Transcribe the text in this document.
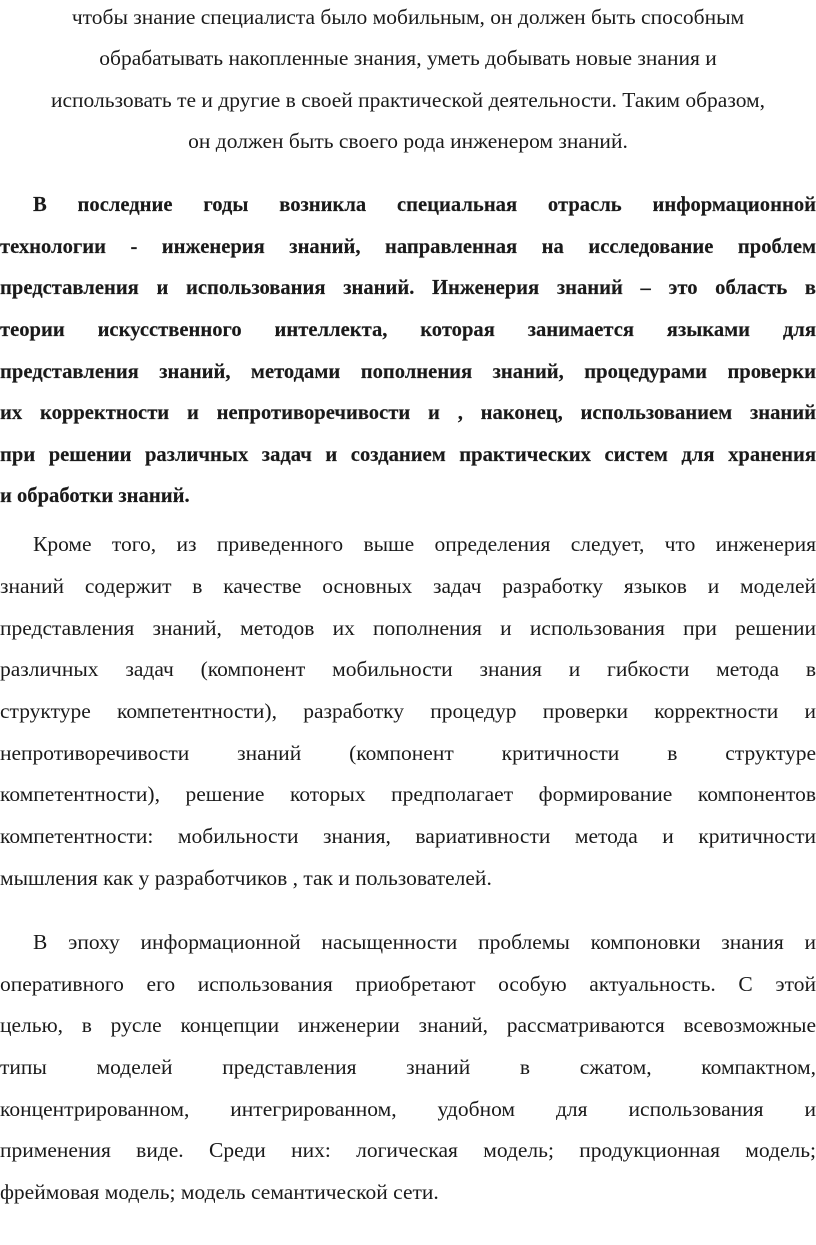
чтобы знание специалиста было мобильным, он должен быть способным
обрабатывать накопленные знания, уметь добывать новые знания и
использовать те и другие в своей практической деятельности. Таким образом,
он должен быть своего рода инженером знаний.
В последние годы возникла специальная отрасль информационной
технологии - инженерия знаний, направленная на исследование проблем
представления и использования знаний. Инженерия знаний – это область в
теории искусственного интеллекта, которая занимается языками для
представления знаний, методами пополнения знаний, процедурами проверки
их корректности и непротиворечивости и , наконец, использованием знаний
при решении различных задач и созданием практических систем для хранения
и обработки знаний.
Кроме того, из приведенного выше определения следует, что инженерия
знаний содержит в качестве основных задач разработку языков и моделей
представления знаний, методов их пополнения и использования при решении
различных задач (компонент мобильности знания и гибкости метода в
структуре компетентности), разработку процедур проверки корректности и
непротиворечивости знаний (компонент критичности в структуре
компетентности), решение которых предполагает формирование компонентов
компетентности: мобильности знания, вариативности метода и критичности
мышления как у разработчиков , так и пользователей.
В эпоху информационной насыщенности проблемы компоновки знания и
оперативного его использования приобретают особую актуальность. С этой
целью, в русле концепции инженерии знаний, рассматриваются всевозможные
типы моделей представления знаний в сжатом, компактном,
концентрированном, интегрированном, удобном для использования и
применения виде. Среди них: логическая модель; продукционная модель;
фреймовая модель; модель семантической сети.
